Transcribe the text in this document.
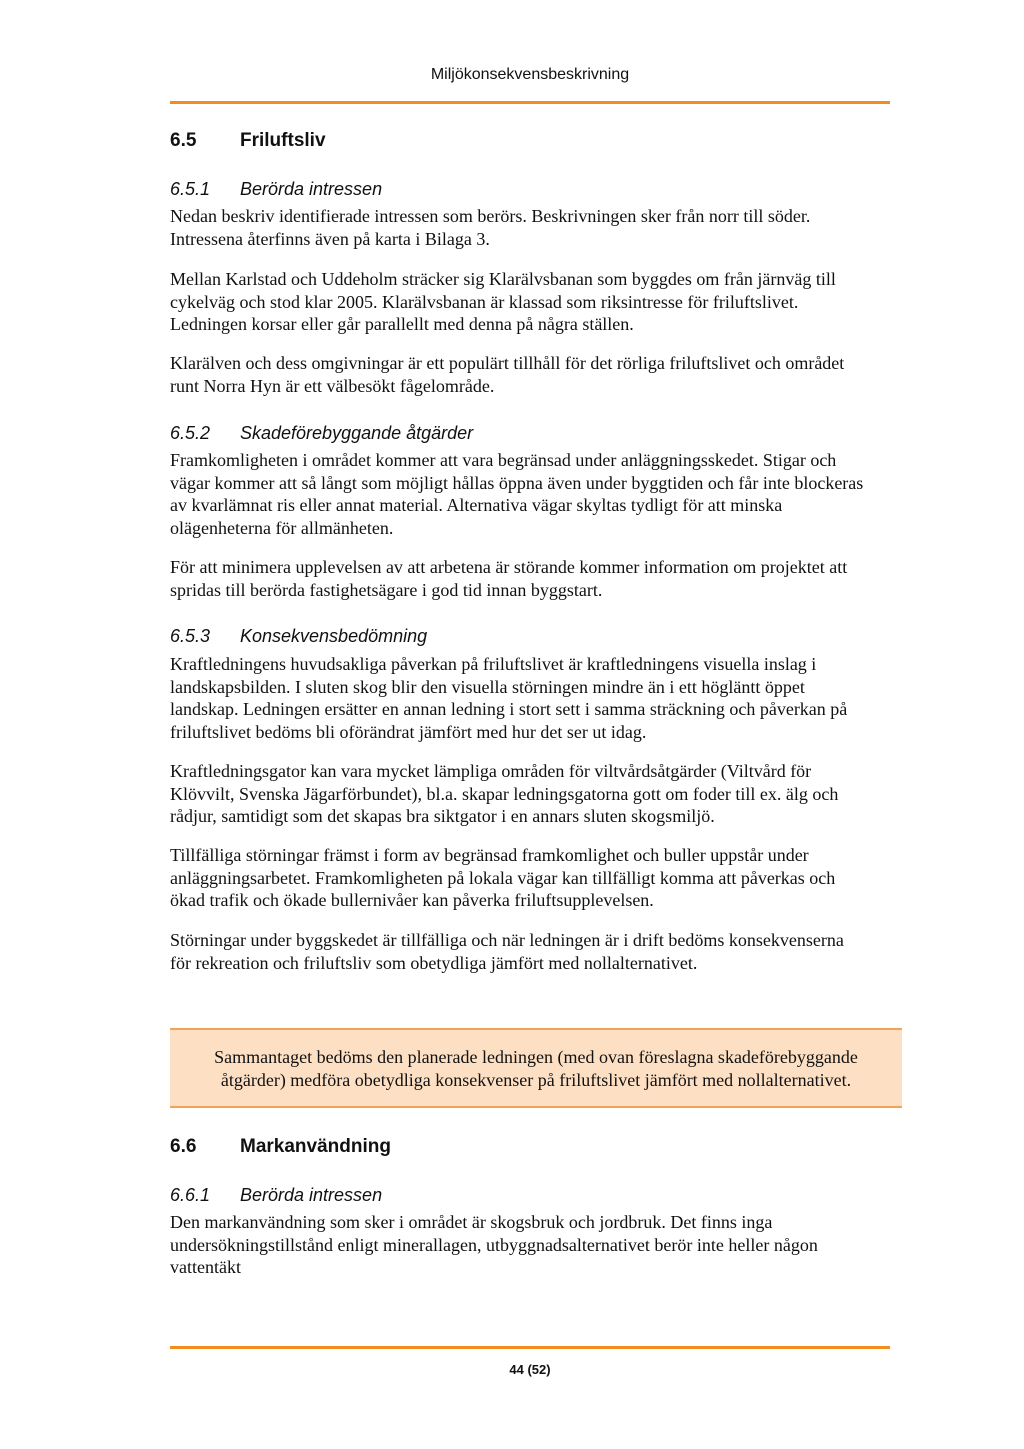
Miljökonsekvensbeskrivning
6.5 Friluftsliv
6.5.1 Berörda intressen
Nedan beskriv identifierade intressen som berörs. Beskrivningen sker från norr till söder.
Intressena återfinns även på karta i Bilaga 3.
Mellan Karlstad och Uddeholm sträcker sig Klarälvsbanan som byggdes om från järnväg till
cykelväg och stod klar 2005. Klarälvsbanan är klassad som riksintresse för friluftslivet.
Ledningen korsar eller går parallellt med denna på några ställen.
Klarälven och dess omgivningar är ett populärt tillhåll för det rörliga friluftslivet och området
runt Norra Hyn är ett välbesökt fågelområde.
6.5.2 Skadeförebyggande åtgärder
Framkomligheten i området kommer att vara begränsad under anläggningsskedet. Stigar och
vägar kommer att så långt som möjligt hållas öppna även under byggtiden och får inte blockeras
av kvarlämnat ris eller annat material. Alternativa vägar skyltas tydligt för att minska
olägenheterna för allmänheten.
För att minimera upplevelsen av att arbetena är störande kommer information om projektet att
spridas till berörda fastighetsägare i god tid innan byggstart.
6.5.3 Konsekvensbedömning
Kraftledningens huvudsakliga påverkan på friluftslivet är kraftledningens visuella inslag i
landskapsbilden. I sluten skog blir den visuella störningen mindre än i ett högläntt öppet
landskap. Ledningen ersätter en annan ledning i stort sett i samma sträckning och påverkan på
friluftslivet bedöms bli oförändrat jämfört med hur det ser ut idag.
Kraftledningsgator kan vara mycket lämpliga områden för viltvårdsåtgärder (Viltvård för
Klövvilt, Svenska Jägarförbundet), bl.a. skapar ledningsgatorna gott om foder till ex. älg och
rådjur, samtidigt som det skapas bra siktgator i en annars sluten skogsmiljö.
Tillfälliga störningar främst i form av begränsad framkomlighet och buller uppstår under
anläggningsarbetet. Framkomligheten på lokala vägar kan tillfälligt komma att påverkas och
ökad trafik och ökade bullernivåer kan påverka friluftsupplevelsen.
Störningar under byggskedet är tillfälliga och när ledningen är i drift bedöms konsekvenserna
för rekreation och friluftsliv som obetydliga jämfört med nollalternativet.
Sammantaget bedöms den planerade ledningen (med ovan föreslagna skadeförebyggande
åtgärder) medföra obetydliga konsekvenser på friluftslivet jämfört med nollalternativet.
6.6 Markanvändning
6.6.1 Berörda intressen
Den markanvändning som sker i området är skogsbruk och jordbruk. Det finns inga
undersökningstillstånd enligt minerallagen, utbyggnadsalternativet berör inte heller någon
vattentäkt
44 (52)
